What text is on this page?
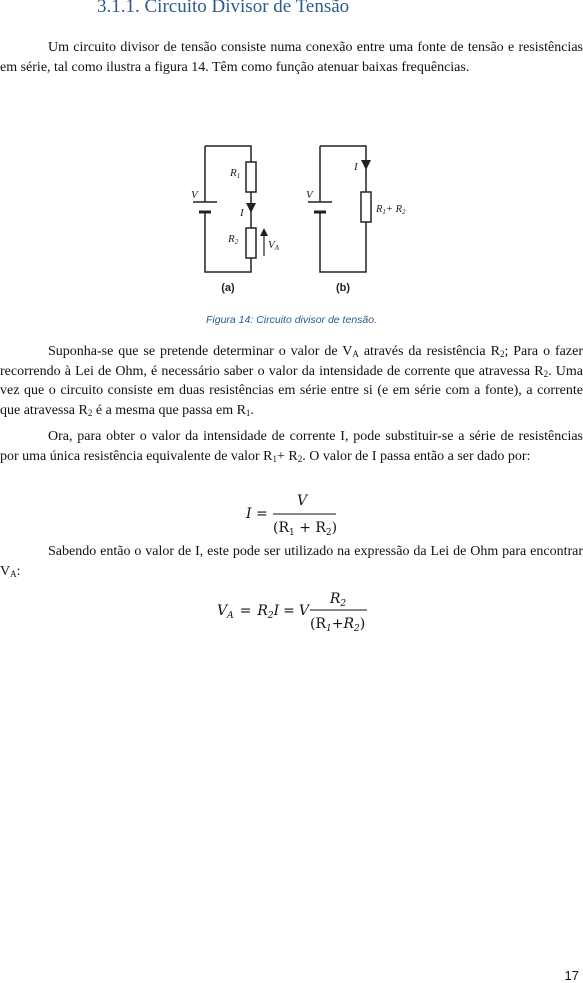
3.1.1. Circuito Divisor de Tensão

Um circuito divisor de tensão consiste numa conexão entre uma fonte de tensão e resistências em série, tal como ilustra a figura 14. Têm como função atenuar baixas frequências.

R1
V
I
R2	VA
V
I
R1+ R2
(a)	(b)
Figura 14: Circuito divisor de tensão.

Suponha-se que se pretende determinar o valor de $V_A$ através da resistência $R_2$; Para o fazer recorrendo à Lei de Ohm, é necessário saber o valor da intensidade de corrente que atravessa $R_2$. Uma vez que o circuito consiste em duas resistências em série entre si (e em série com a fonte), a corrente que atravessa $R_2$ é a mesma que passa em $R_1$.

Ora, para obter o valor da intensidade de corrente I, pode substituir-se a série de resistências por uma única resistência equivalente de valor $R_1+ R_2$. O valor de I passa então a ser dado por:

I =
V
$(R_1 + R_2)$

Sabendo então o valor de I, este pode ser utilizado na expressão da Lei de Ohm para encontrar $V_A$:

$V_A = R_2I = V$
$R_2$
$(R_1+R_2)$
17
